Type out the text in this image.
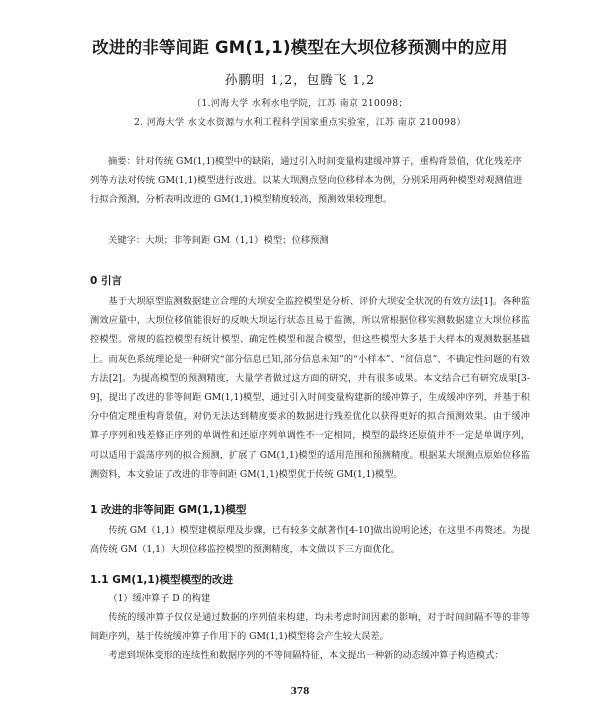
改进的非等间距 GM(1,1)模型在大坝位移预测中的应用
孙鹏明 1,2，包腾飞 1,2
（1.河海大学 水利水电学院，江苏 南京 210098；
2. 河海大学 水文水资源与水利工程科学国家重点实验室，江苏 南京 210098）
摘要：针对传统 GM(1,1)模型中的缺陷，通过引入时间变量构建缓冲算子，重构背景值，优化残差序列等方法对传统 GM(1,1)模型进行改进。以某大坝测点竖向位移样本为例，分别采用两种模型对观测值进行拟合预测，分析表明改进的 GM(1,1)模型精度较高，预测效果较理想。
关键字：大坝；非等间距 GM（1,1）模型；位移预测
0 引言
基于大坝原型监测数据建立合理的大坝安全监控模型是分析、评价大坝安全状况的有效方法[1]。各种监测效应量中，大坝位移值能很好的反映大坝运行状态且易于监测，所以常根据位移实测数据建立大坝位移监控模型。常规的监控模型有统计模型、确定性模型和混合模型，但这些模型大多基于大样本的观测数据基础上。而灰色系统理论是一种研究“部分信息已知,部分信息未知”的“小样本”、“贫信息”、不确定性问题的有效方法[2]。为提高模型的预测精度，大量学者做过这方面的研究，并有很多成果。本文结合已有研究成果[3-9]，提出了改进的非等间距 GM(1,1)模型，通过引入时间变量构建新的缓冲算子，生成缓冲序列，并基于积分中值定理重构背景值，对仍无法达到精度要求的数据进行残差优化以获得更好的拟合预测效果。由于缓冲算子序列和残差修正序列的单调性和还原序列单调性不一定相同，模型的最终还原值并不一定是单调序列，可以适用于震荡序列的拟合预测，扩展了 GM(1,1)模型的适用范围和预测精度。根据某大坝测点原始位移监测资料，本文验证了改进的非等间距 GM(1,1)模型优于传统 GM(1,1)模型。
1 改进的非等间距 GM(1,1)模型
传统 GM（1,1）模型建模原理及步骤，已有较多文献著作[4-10]做出说明论述，在这里不再赘述。为提高传统 GM（1,1）大坝位移监控模型的预测精度，本文做以下三方面优化。
1.1 GM(1,1)模型模型的改进
（1）缓冲算子 D 的构建
传统的缓冲算子仅仅是通过数据的序列值来构建，均未考虑时间因素的影响，对于时间间隔不等的非等间距序列，基于传统缓冲算子作用下的 GM(1,1)模型将会产生较大误差。
考虑到坝体变形的连续性和数据序列的不等间隔特征，本文提出一种新的动态缓冲算子构造模式：
378
